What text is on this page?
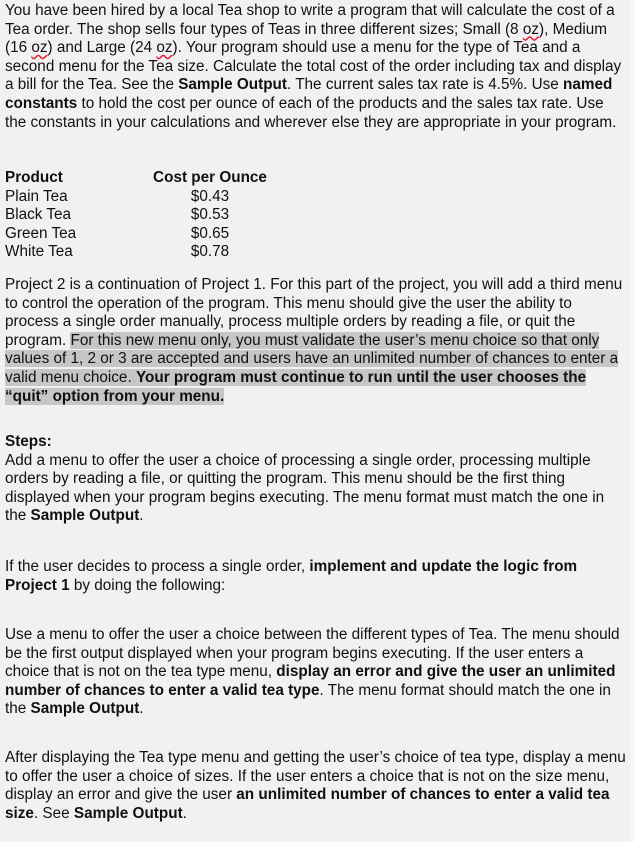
You have been hired by a local Tea shop to write a program that will calculate the cost of a Tea order. The shop sells four types of Teas in three different sizes; Small (8 oz), Medium (16 oz) and Large (24 oz). Your program should use a menu for the type of Tea and a second menu for the Tea size. Calculate the total cost of the order including tax and display a bill for the Tea. See the Sample Output. The current sales tax rate is 4.5%. Use named constants to hold the cost per ounce of each of the products and the sales tax rate. Use the constants in your calculations and wherever else they are appropriate in your program.

Product	Cost per Ounce
Plain Tea	$0.43
Black Tea	$0.53
Green Tea	$0.65
White Tea	$0.78

Project 2 is a continuation of Project 1. For this part of the project, you will add a third menu to control the operation of the program. This menu should give the user the ability to process a single order manually, process multiple orders by reading a file, or quit the program. For this new menu only, you must validate the user’s menu choice so that only values of 1, 2 or 3 are accepted and users have an unlimited number of chances to enter a valid menu choice. Your program must continue to run until the user chooses the “quit” option from your menu.

Steps:

Add a menu to offer the user a choice of processing a single order, processing multiple orders by reading a file, or quitting the program. This menu should be the first thing displayed when your program begins executing. The menu format must match the one in the Sample Output.

If the user decides to process a single order, implement and update the logic from Project 1 by doing the following:

Use a menu to offer the user a choice between the different types of Tea. The menu should be the first output displayed when your program begins executing. If the user enters a choice that is not on the tea type menu, display an error and give the user an unlimited number of chances to enter a valid tea type. The menu format should match the one in the Sample Output.

After displaying the Tea type menu and getting the user’s choice of tea type, display a menu to offer the user a choice of sizes. If the user enters a choice that is not on the size menu, display an error and give the user an unlimited number of chances to enter a valid tea size. See Sample Output.
